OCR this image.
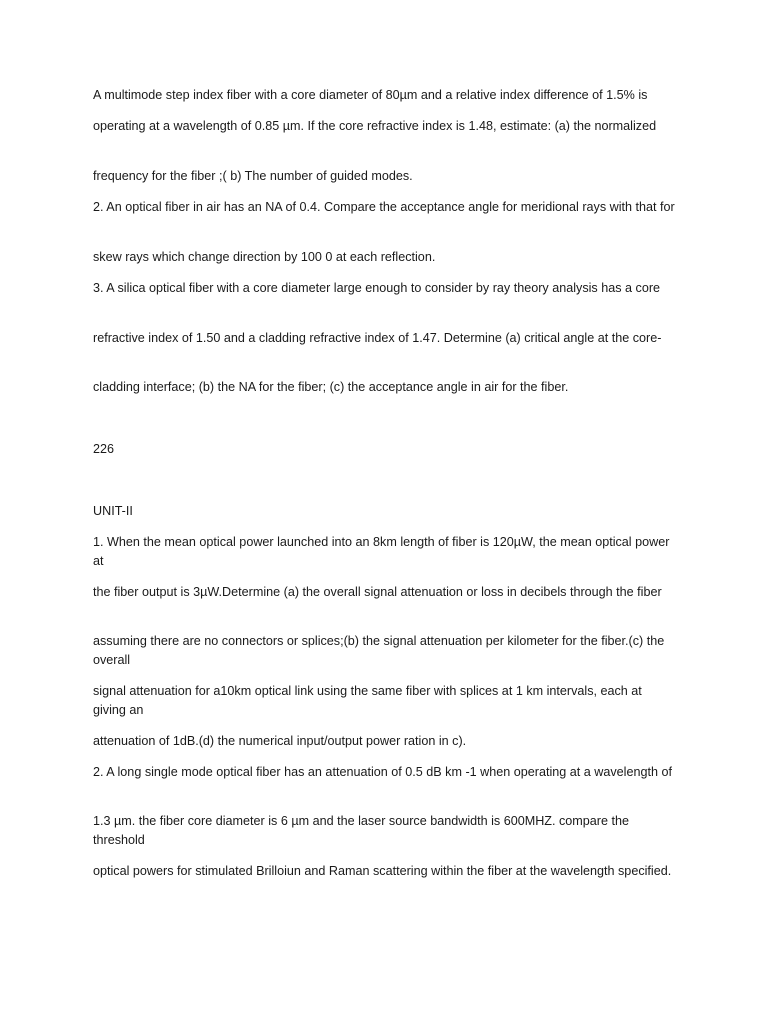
A multimode step index fiber with a core diameter of 80µm and a relative index difference of 1.5% is

operating at a wavelength of 0.85 µm. If the core refractive index is 1.48, estimate: (a) the normalized

frequency for the fiber ;( b) The number of guided modes.

2. An optical fiber in air has an NA of 0.4. Compare the acceptance angle for meridional rays with that for

skew rays which change direction by 100 0 at each reflection.

3. A silica optical fiber with a core diameter large enough to consider by ray theory analysis has a core

refractive index of 1.50 and a cladding refractive index of 1.47. Determine (a) critical angle at the core-

cladding interface; (b) the NA for the fiber; (c) the acceptance angle in air for the fiber.

226

UNIT-II

1. When the mean optical power launched into an 8km length of fiber is 120µW, the mean optical power at

the fiber output is 3µW.Determine (a) the overall signal attenuation or loss in decibels through the fiber

assuming there are no connectors or splices;(b) the signal attenuation per kilometer for the fiber.(c) the overall

signal attenuation for a10km optical link using the same fiber with splices at 1 km intervals, each at giving an

attenuation of 1dB.(d) the numerical input/output power ration in c).

2. A long single mode optical fiber has an attenuation of 0.5 dB km -1 when operating at a wavelength of

1.3 µm. the fiber core diameter is 6 µm and the laser source bandwidth is 600MHZ. compare the threshold

optical powers for stimulated Brilloiun and Raman scattering within the fiber at the wavelength specified.
